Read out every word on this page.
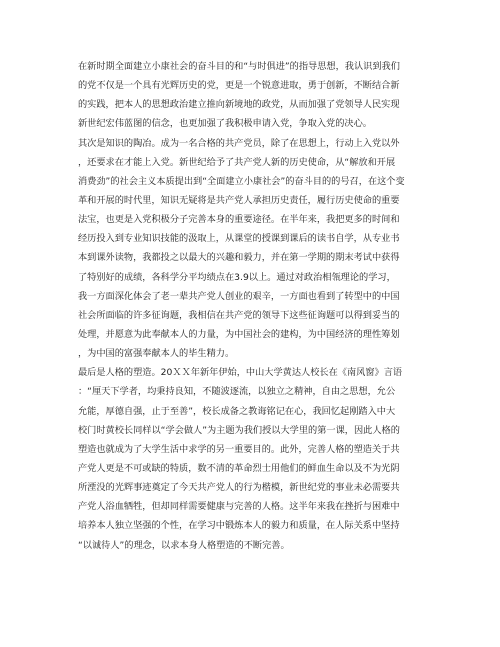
在新时期全面建立小康社会的奋斗目的和“与时俱进”的指导思想，我认识到我们
的党不仅是一个具有光辉历史的党，更是一个锐意进取，勇于创新，不断结合新
的实践，把本人的思想政治建立推向新境地的政党，从而加强了党领导人民实现
新世纪宏伟蓝图的信念，也更加强了我积极申请入党，争取入党的决心。
其次是知识的陶冶。成为一名合格的共产党员，除了在思想上，行动上入党以外
，还要求在才能上入党。新世纪给予了共产党人新的历史使命，从“解放和开展
消费劲”的社会主义本质提出到“全面建立小康社会”的奋斗目的的号召，在这个变
革和开展的时代里，知识无疑将是共产党人承担历史责任，履行历史使命的重要
法宝，也更是入党积极分子完善本身的重要途径。在半年来，我把更多的时间和
经历投入到专业知识技能的汲取上，从课堂的授课到课后的读书自学，从专业书
本到课外读物，我都投之以最大的兴趣和毅力，并在第一学期的期末考试中获得
了特别好的成绩，各科学分平均绩点在3.9以上。通过对政治相瓴理论的学习，
我一方面深化体会了老一辈共产党人创业的艰辛，一方面也看到了转型中的中国
社会所面临的许多征询题，我相信在共产党的领导下这些征询题可以得到妥当的
处理，并愿意为此奉献本人的力量，为中国社会的建构，为中国经济的理性筹划
，为中国的富强奉献本人的毕生精力。
最后是人格的塑造。20ＸＸ年新年伊始，中山大学黄达人校长在《南风窗》言语
：“厘天下学者，均秉持良知，不随波逐流，以独立之精神，自由之思想，允公
允能，厚德自强，止于至善”，校长成备之教诲铭记在心，我回忆起刚踏入中大
校门时黄校长同样以“学会做人”为主题为我们授以大学里的第一课，因此人格的
塑造也就成为了大学生活中求学的另一重要目的。此外，完善人格的塑造关于共
产党人更是不可或缺的特质，数不清的革命烈士用他们的鲜血生命以及不为光阴
所湮没的光辉事迹奠定了今天共产党人的行为楷模，新世纪党的事业未必需要共
产党人浴血牺牲，但却同样需要健康与完善的人格。这半年来我在挫折与困难中
培养本人独立坚强的个性，在学习中锻炼本人的毅力和质量，在人际关系中坚持
“以诚待人”的理念，以求本身人格塑造的不断完善。
